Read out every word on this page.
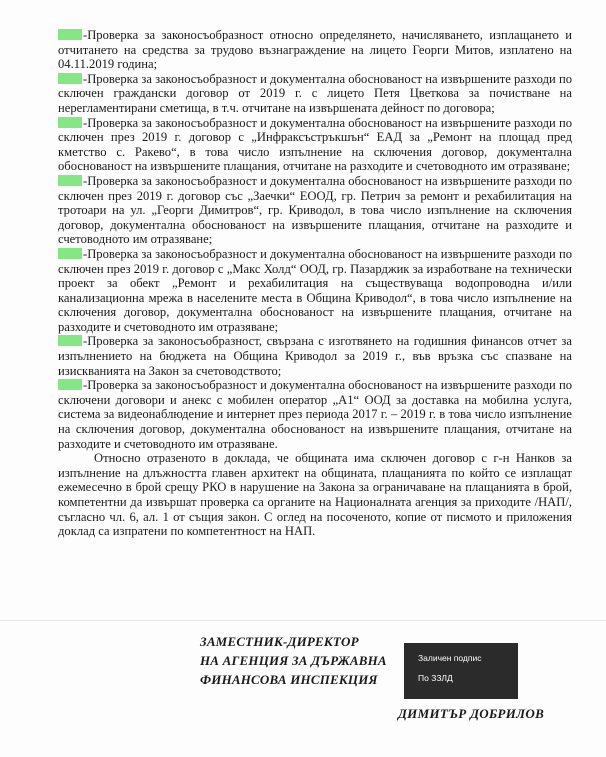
-Проверка за законосъобразност относно определянето, начисляването, изплащането и отчитането на средства за трудово възнаграждение на лицето Георги Митов, изплатено на 04.11.2019 година;

-Проверка за законосъобразност и документална обоснованост на извършените разходи по сключен граждански договор от 2019 г. с лицето Петя Цветкова за почистване на нерегламентирани сметища, в т.ч. отчитане на извършената дейност по договора;

-Проверка за законосъобразност и документална обоснованост на извършените разходи по сключен през 2019 г. договор с „Инфраксъстръкшън“ ЕАД за „Ремонт на площад пред кметство с. Ракево“, в това число изпълнение на сключения договор, документална обоснованост на извършените плащания, отчитане на разходите и счетоводното им отразяване;

-Проверка за законосъобразност и документална обоснованост на извършените разходи по сключен през 2019 г. договор със „Заечки“ ЕООД, гр. Петрич за ремонт и рехабилитация на тротоари на ул. „Георги Димитров“, гр. Криводол, в това число изпълнение на сключения договор, документална обоснованост на извършените плащания, отчитане на разходите и счетоводното им отразяване;

-Проверка за законосъобразност и документална обоснованост на извършените разходи по сключен през 2019 г. договор с „Макс Холд“ ООД, гр. Пазарджик за изработване на технически проект за обект „Ремонт и рехабилитация на съществуваща водопроводна и/или канализационна мрежа в населените места в Община Криводол“, в това число изпълнение на сключения договор, документална обоснованост на извършените плащания, отчитане на разходите и счетоводното им отразяване;

-Проверка за законосъобразност, свързана с изготвянето на годишния финансов отчет за изпълнението на бюджета на Община Криводол за 2019 г., във връзка със спазване на изискванията на Закон за счетоводството;

-Проверка за законосъобразност и документална обоснованост на извършените разходи по сключени договори и анекс с мобилен оператор „А1“ ООД за доставка на мобилна услуга, система за видеонаблюдение и интернет през периода 2017 г. – 2019 г. в това число изпълнение на сключения договор, документална обоснованост на извършените плащания, отчитане на разходите и счетоводното им отразяване.

Относно отразеното в доклада, че общината има сключен договор с г-н Нанков за изпълнение на длъжността главен архитект на общината, плащанията по който се изплащат ежемесечно в брой срещу РКО в нарушение на Закона за ограничаване на плащанията в брой, компетентни да извършат проверка са органите на Националната агенция за приходите /НАП/, съгласно чл. 6, ал. 1 от същия закон. С оглед на посоченото, копие от писмото и приложения доклад са изпратени по компетентност на НАП.

ЗАМЕСТНИК-ДИРЕКТОР
НА АГЕНЦИЯ ЗА ДЪРЖАВНА
ФИНАНСОВА ИНСПЕКЦИЯ
Заличен подпис
По ЗЗЛД
ДИМИТЪР ДОБРИЛОВ
